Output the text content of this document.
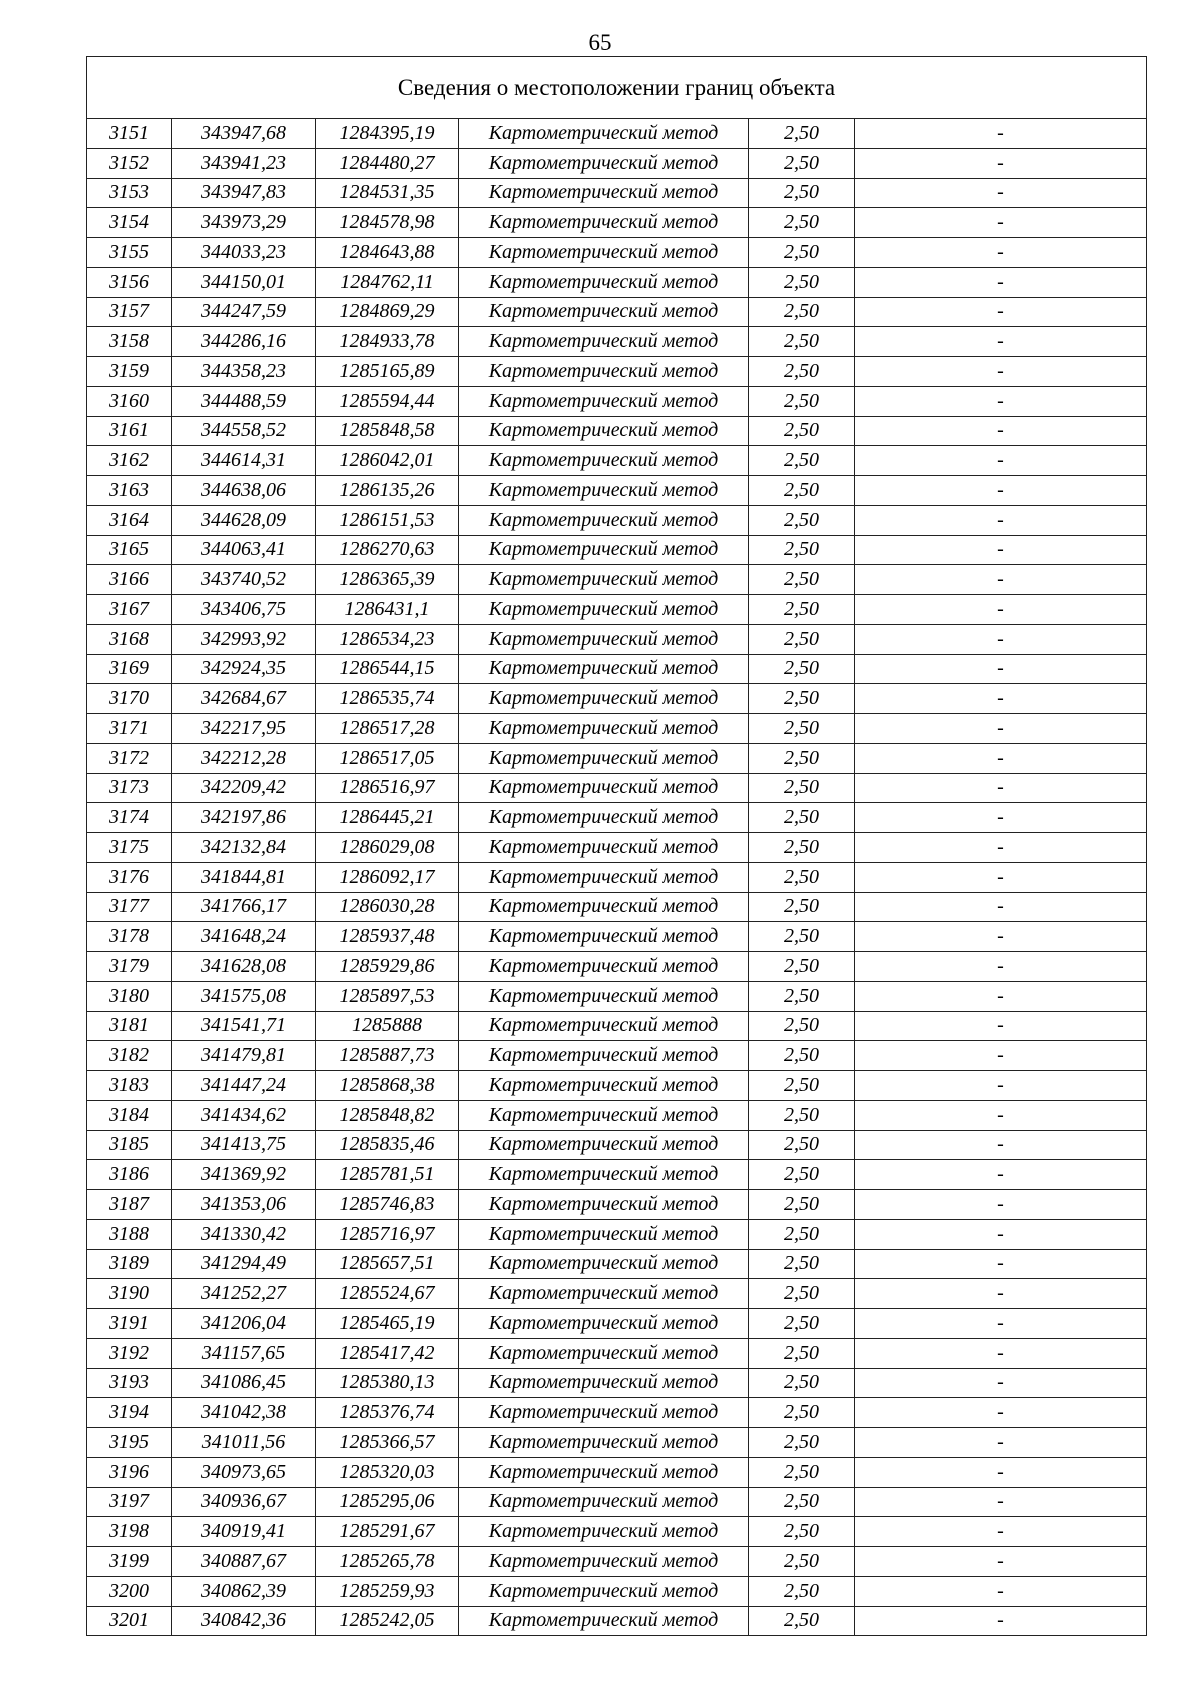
65
Сведения о местоположении границ объекта					
3151	343947,68	1284395,19	Картометрический метод	2,50	-
3152	343941,23	1284480,27	Картометрический метод	2,50	-
3153	343947,83	1284531,35	Картометрический метод	2,50	-
3154	343973,29	1284578,98	Картометрический метод	2,50	-
3155	344033,23	1284643,88	Картометрический метод	2,50	-
3156	344150,01	1284762,11	Картометрический метод	2,50	-
3157	344247,59	1284869,29	Картометрический метод	2,50	-
3158	344286,16	1284933,78	Картометрический метод	2,50	-
3159	344358,23	1285165,89	Картометрический метод	2,50	-
3160	344488,59	1285594,44	Картометрический метод	2,50	-
3161	344558,52	1285848,58	Картометрический метод	2,50	-
3162	344614,31	1286042,01	Картометрический метод	2,50	-
3163	344638,06	1286135,26	Картометрический метод	2,50	-
3164	344628,09	1286151,53	Картометрический метод	2,50	-
3165	344063,41	1286270,63	Картометрический метод	2,50	-
3166	343740,52	1286365,39	Картометрический метод	2,50	-
3167	343406,75	1286431,1	Картометрический метод	2,50	-
3168	342993,92	1286534,23	Картометрический метод	2,50	-
3169	342924,35	1286544,15	Картометрический метод	2,50	-
3170	342684,67	1286535,74	Картометрический метод	2,50	-
3171	342217,95	1286517,28	Картометрический метод	2,50	-
3172	342212,28	1286517,05	Картометрический метод	2,50	-
3173	342209,42	1286516,97	Картометрический метод	2,50	-
3174	342197,86	1286445,21	Картометрический метод	2,50	-
3175	342132,84	1286029,08	Картометрический метод	2,50	-
3176	341844,81	1286092,17	Картометрический метод	2,50	-
3177	341766,17	1286030,28	Картометрический метод	2,50	-
3178	341648,24	1285937,48	Картометрический метод	2,50	-
3179	341628,08	1285929,86	Картометрический метод	2,50	-
3180	341575,08	1285897,53	Картометрический метод	2,50	-
3181	341541,71	1285888	Картометрический метод	2,50	-
3182	341479,81	1285887,73	Картометрический метод	2,50	-
3183	341447,24	1285868,38	Картометрический метод	2,50	-
3184	341434,62	1285848,82	Картометрический метод	2,50	-
3185	341413,75	1285835,46	Картометрический метод	2,50	-
3186	341369,92	1285781,51	Картометрический метод	2,50	-
3187	341353,06	1285746,83	Картометрический метод	2,50	-
3188	341330,42	1285716,97	Картометрический метод	2,50	-
3189	341294,49	1285657,51	Картометрический метод	2,50	-
3190	341252,27	1285524,67	Картометрический метод	2,50	-
3191	341206,04	1285465,19	Картометрический метод	2,50	-
3192	341157,65	1285417,42	Картометрический метод	2,50	-
3193	341086,45	1285380,13	Картометрический метод	2,50	-
3194	341042,38	1285376,74	Картометрический метод	2,50	-
3195	341011,56	1285366,57	Картометрический метод	2,50	-
3196	340973,65	1285320,03	Картометрический метод	2,50	-
3197	340936,67	1285295,06	Картометрический метод	2,50	-
3198	340919,41	1285291,67	Картометрический метод	2,50	-
3199	340887,67	1285265,78	Картометрический метод	2,50	-
3200	340862,39	1285259,93	Картометрический метод	2,50	-
3201	340842,36	1285242,05	Картометрический метод	2,50	-
